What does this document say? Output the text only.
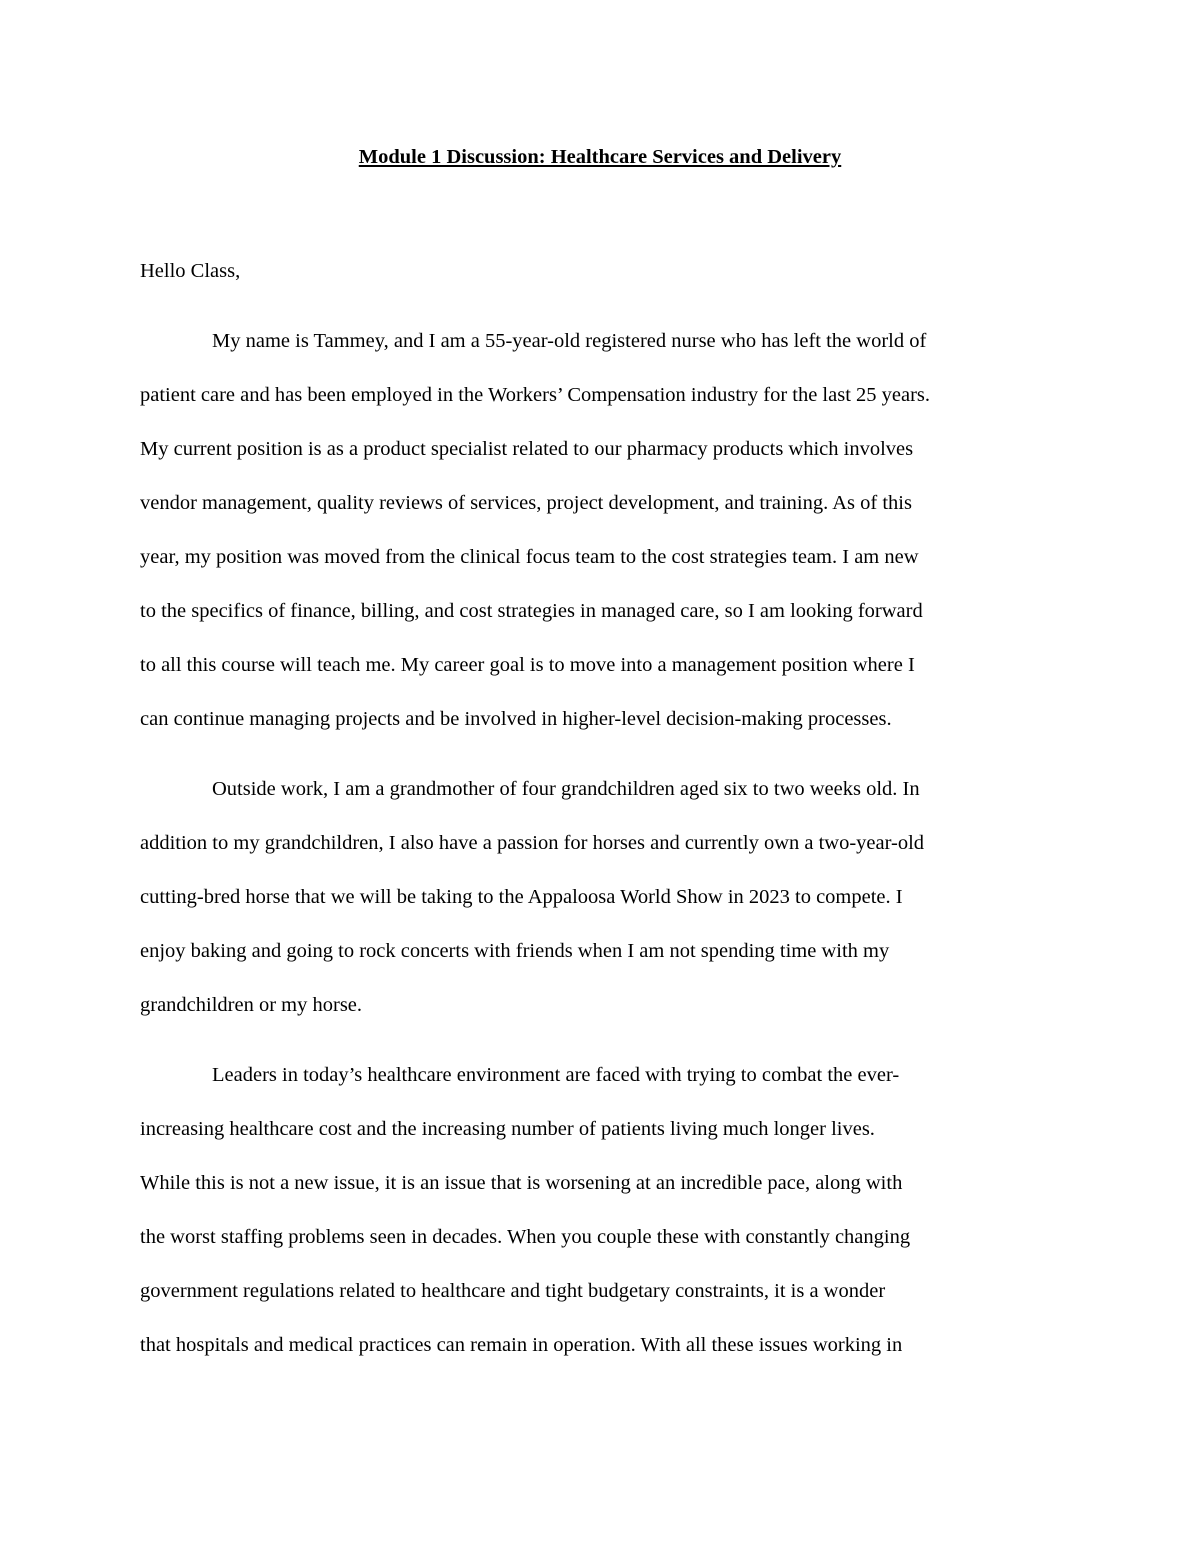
Module 1 Discussion: Healthcare Services and Delivery
Hello Class,
My name is Tammey, and I am a 55-year-old registered nurse who has left the world of
patient care and has been employed in the Workers’ Compensation industry for the last 25 years.
My current position is as a product specialist related to our pharmacy products which involves
vendor management, quality reviews of services, project development, and training. As of this
year, my position was moved from the clinical focus team to the cost strategies team. I am new
to the specifics of finance, billing, and cost strategies in managed care, so I am looking forward
to all this course will teach me. My career goal is to move into a management position where I
can continue managing projects and be involved in higher-level decision-making processes.
Outside work, I am a grandmother of four grandchildren aged six to two weeks old. In
addition to my grandchildren, I also have a passion for horses and currently own a two-year-old
cutting-bred horse that we will be taking to the Appaloosa World Show in 2023 to compete. I
enjoy baking and going to rock concerts with friends when I am not spending time with my
grandchildren or my horse.
Leaders in today’s healthcare environment are faced with trying to combat the ever-
increasing healthcare cost and the increasing number of patients living much longer lives.
While this is not a new issue, it is an issue that is worsening at an incredible pace, along with
the worst staffing problems seen in decades. When you couple these with constantly changing
government regulations related to healthcare and tight budgetary constraints, it is a wonder
that hospitals and medical practices can remain in operation. With all these issues working in
